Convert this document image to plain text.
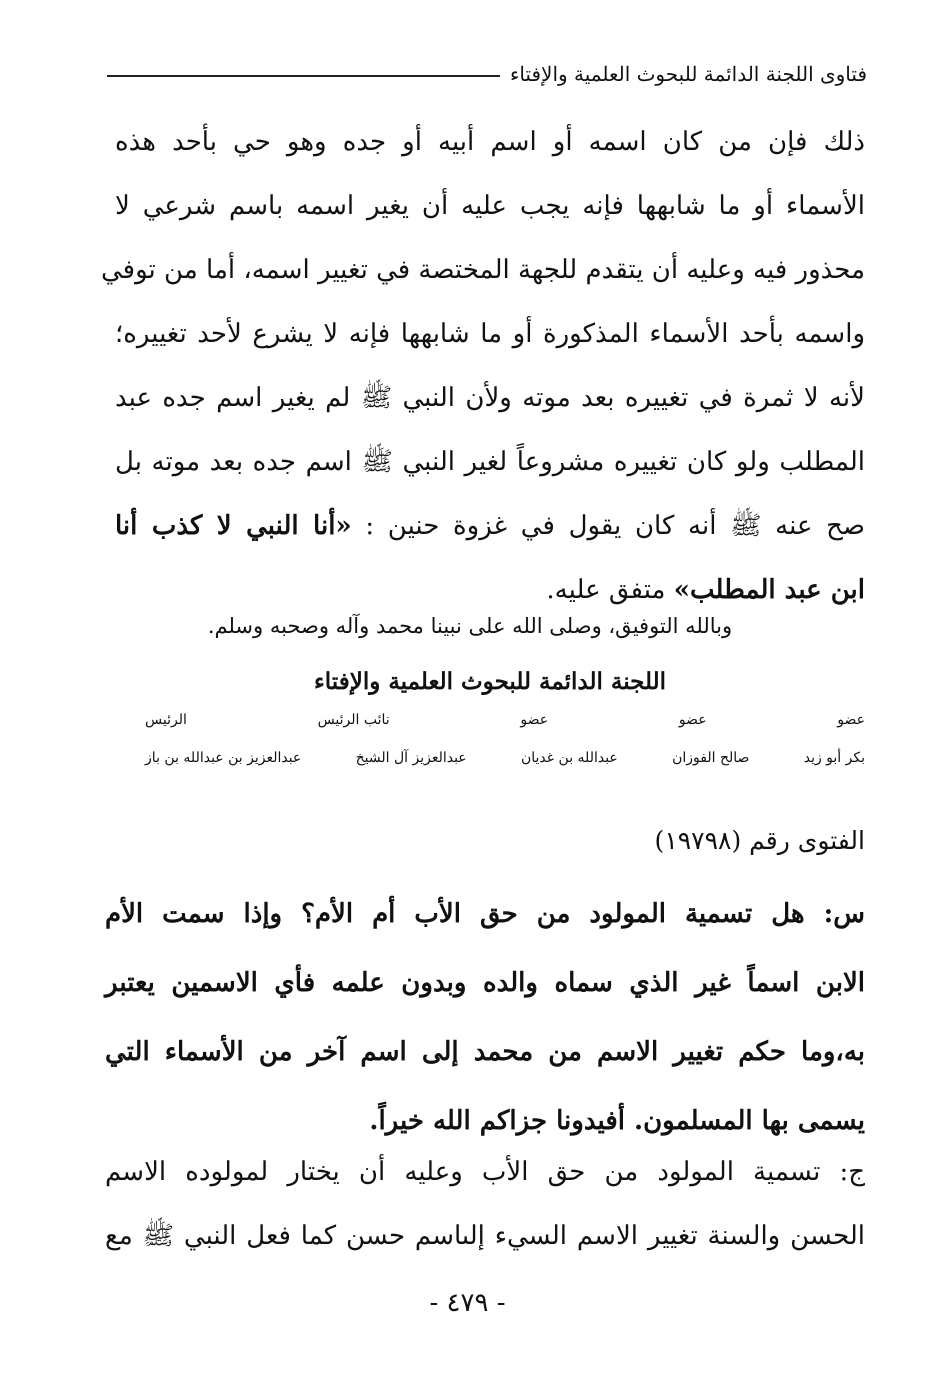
فتاوى اللجنة الدائمة للبحوث العلمية والإفتاء
ذلك فإن من كان اسمه أو اسم أبيه أو جده وهو حي بأحد هذه
الأسماء أو ما شابهها فإنه يجب عليه أن يغير اسمه باسم شرعي لا
محذور فيه وعليه أن يتقدم للجهة المختصة في تغيير اسمه، أما من توفي
واسمه بأحد الأسماء المذكورة أو ما شابهها فإنه لا يشرع لأحد تغييره؛
لأنه لا ثمرة في تغييره بعد موته ولأن النبي ﷺ لم يغير اسم جده عبد
المطلب ولو كان تغييره مشروعاً لغير النبي ﷺ اسم جده بعد موته بل
صح عنه ﷺ أنه كان يقول في غزوة حنين : «أنا النبي لا كذب أنا
ابن عبد المطلب» متفق عليه.
وبالله التوفيق، وصلى الله على نبينا محمد وآله وصحبه وسلم.
اللجنة الدائمة للبحوث العلمية والإفتاء
عضو
عضو
عضو
نائب الرئيس
الرئيس
بكر أبو زيد
صالح الفوزان
عبدالله بن غديان
عبدالعزيز آل الشيخ
عبدالعزيز بن عبدالله بن باز
الفتوى رقم (١٩٧٩٨)
س: هل تسمية المولود من حق الأب أم الأم؟ وإذا سمت الأم
الابن اسماً غير الذي سماه والده وبدون علمه فأي الاسمين يعتبر
به،وما حكم تغيير الاسم من محمد إلى اسم آخر من الأسماء التي
يسمى بها المسلمون. أفيدونا جزاكم الله خيراً.
ج: تسمية المولود من حق الأب وعليه أن يختار لمولوده الاسم
الحسن والسنة تغيير الاسم السيء إلىاسم حسن كما فعل النبي ﷺ مع
- ٤٧٩ -
